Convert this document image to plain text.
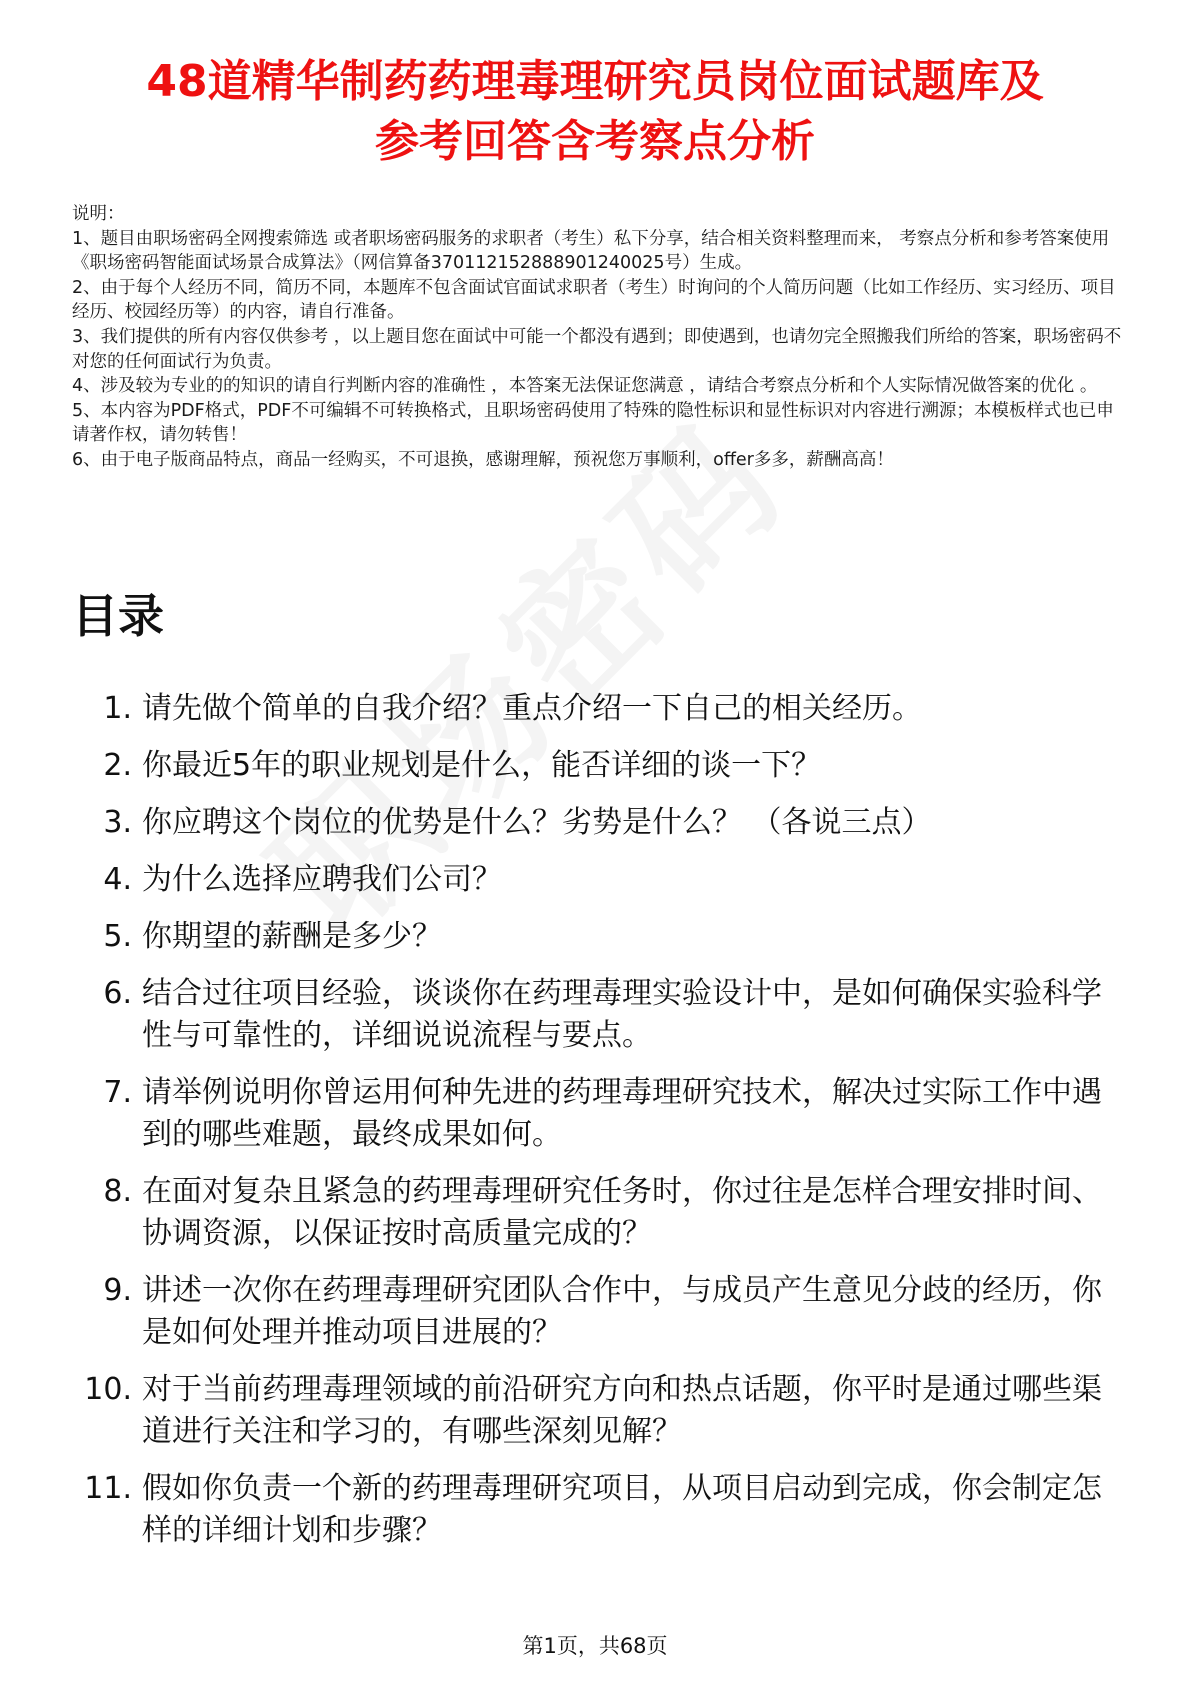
48道精华制药药理毒理研究员岗位面试题库及
参考回答含考察点分析
说明：
1、题目由职场密码全网搜索筛选 或者职场密码服务的求职者（考生）私下分享，结合相关资料整理而来， 考察点分析和参考答案使用《职场密码智能面试场景合成算法》（网信算备370112152888901240025号）生成。
2、由于每个人经历不同，简历不同，本题库不包含面试官面试求职者（考生）时询问的个人简历问题（比如工作经历、实习经历、项目经历、校园经历等）的内容，请自行准备。
3、我们提供的所有内容仅供参考 ，以上题目您在面试中可能一个都没有遇到；即使遇到，也请勿完全照搬我们所给的答案，职场密码不对您的任何面试行为负责。
4、涉及较为专业的的知识的请自行判断内容的准确性 ，本答案无法保证您满意 ，请结合考察点分析和个人实际情况做答案的优化 。
5、本内容为PDF格式，PDF不可编辑不可转换格式，且职场密码使用了特殊的隐性标识和显性标识对内容进行溯源；本模板样式也已申请著作权，请勿转售！
6、由于电子版商品特点，商品一经购买，不可退换，感谢理解，预祝您万事顺利，offer多多，薪酬高高！
目录
1. 请先做个简单的自我介绍？重点介绍一下自己的相关经历。
2. 你最近5年的职业规划是什么，能否详细的谈一下？
3. 你应聘这个岗位的优势是什么？劣势是什么？ （各说三点）
4. 为什么选择应聘我们公司？
5. 你期望的薪酬是多少？
6. 结合过往项目经验，谈谈你在药理毒理实验设计中，是如何确保实验科学性与可靠性的，详细说说流程与要点。
7. 请举例说明你曾运用何种先进的药理毒理研究技术，解决过实际工作中遇到的哪些难题，最终成果如何。
8. 在面对复杂且紧急的药理毒理研究任务时，你过往是怎样合理安排时间、协调资源，以保证按时高质量完成的？
9. 讲述一次你在药理毒理研究团队合作中，与成员产生意见分歧的经历，你是如何处理并推动项目进展的？
10. 对于当前药理毒理领域的前沿研究方向和热点话题，你平时是通过哪些渠道进行关注和学习的，有哪些深刻见解？
11. 假如你负责一个新的药理毒理研究项目，从项目启动到完成，你会制定怎样的详细计划和步骤？
第1页，共68页
